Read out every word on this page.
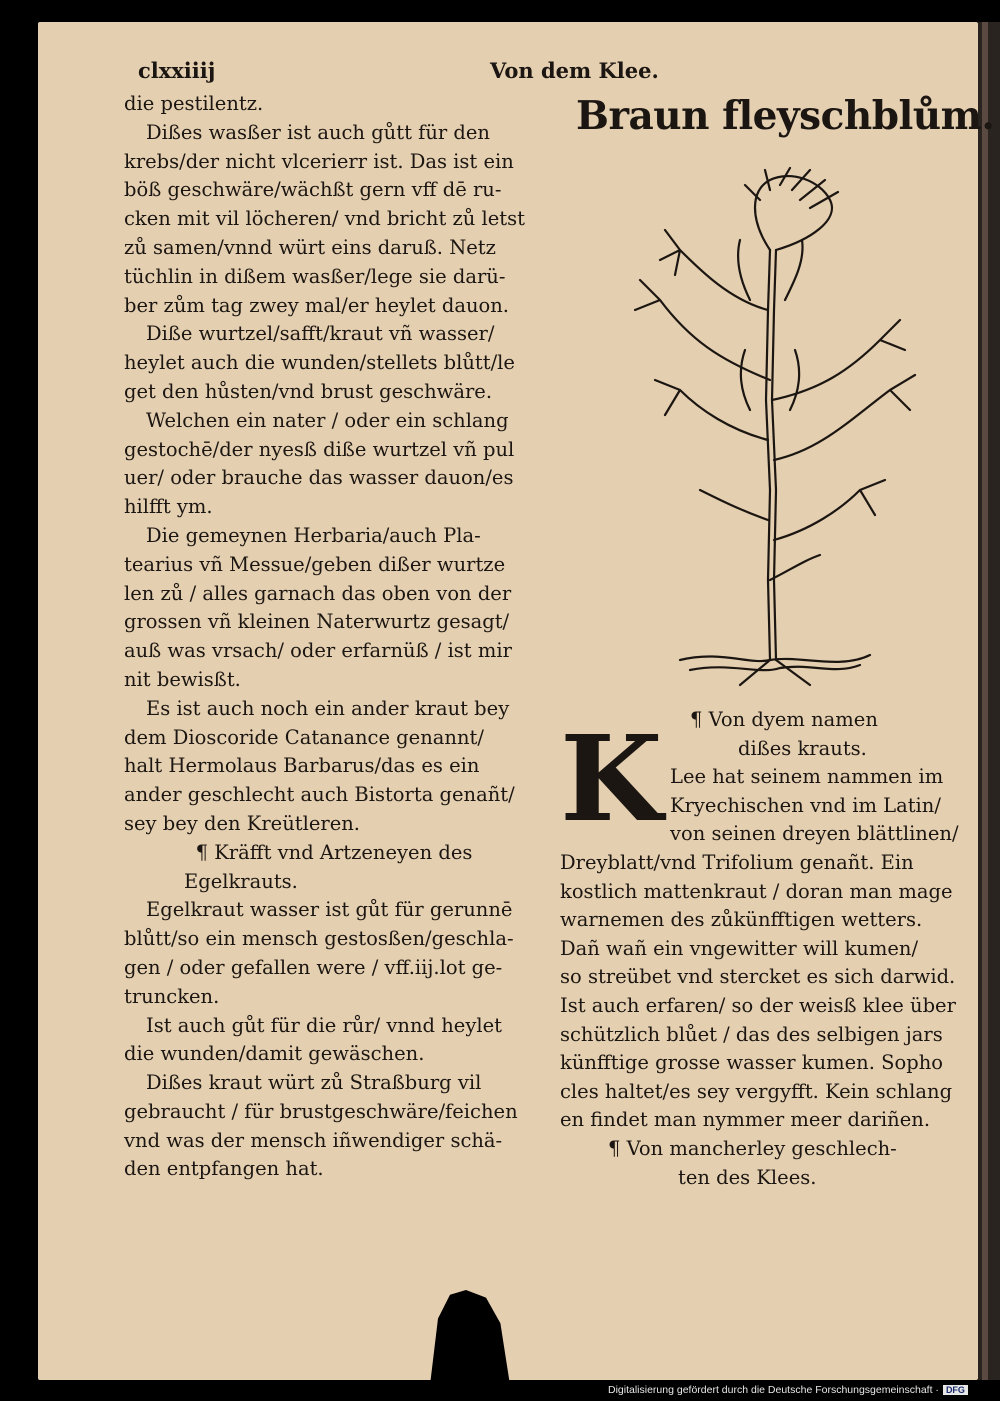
clxxiiij	Von dem Klee.

die pestilentz.

Dißes wasßer ist auch gůtt für den

krebs/der nicht vlcerierr ist. Das ist ein

böß geschwäre/wächßt gern vff dē ru-

cken mit vil löcheren/ vnd bricht zů letst

zů samen/vnnd würt eins daruß. Netz

tüchlin in dißem wasßer/lege sie darü-

ber zům tag zwey mal/er heylet dauon.

Diße wurtzel/safft/kraut vñ wasser/

heylet auch die wunden/stellets blůtt/le

get den hůsten/vnd brust geschwäre.

Welchen ein nater / oder ein schlang

gestochē/der nyesß diße wurtzel vñ pul

uer/ oder brauche das wasser dauon/es

hilfft ym.

Die gemeynen Herbaria/auch Pla-

tearius vñ Messue/geben dißer wurtze

len zů / alles garnach das oben von der

grossen vñ kleinen Naterwurtz gesagt/

auß was vrsach/ oder erfarnüß / ist mir

nit bewisßt.

Es ist auch noch ein ander kraut bey

dem Dioscoride Catanance genannt/

halt Hermolaus Barbarus/das es ein

ander geschlecht auch Bistorta genañt/

sey bey den Kreütleren.

¶ Kräfft vnd Artzeneyen des

Egelkrauts.

Egelkraut wasser ist gůt für gerunnē

blůtt/so ein mensch gestosßen/geschla-

gen / oder gefallen were / vff.iij.lot ge-

truncken.

Ist auch gůt für die růr/ vnnd heylet

die wunden/damit gewäschen.

Dißes kraut würt zů Straßburg vil

gebraucht / für brustgeschwäre/feichen

vnd was der mensch iñwendiger schä-

den entpfangen hat.

Braun fleyschblům.
K	¶ Von dyem namen

dißes krauts.

Lee hat seinem nammen im

Kryechischen vnd im Latin/

von seinen dreyen blättlinen/

Dreyblatt/vnd Trifolium genañt. Ein

kostlich mattenkraut / doran man mage

warnemen des zůkünfftigen wetters.

Dañ wañ ein vngewitter will kumen/

so streübet vnd stercket es sich darwid.

Ist auch erfaren/ so der weisß klee über

schützlich blůet / das des selbigen jars

künfftige grosse wasser kumen. Sopho

cles haltet/es sey vergyfft. Kein schlang

en findet man nymmer meer dariñen.

¶ Von mancherley geschlech-

ten des Klees.

Digitalisierung gefördert durch die Deutsche Forschungsgemeinschaft · DFG
